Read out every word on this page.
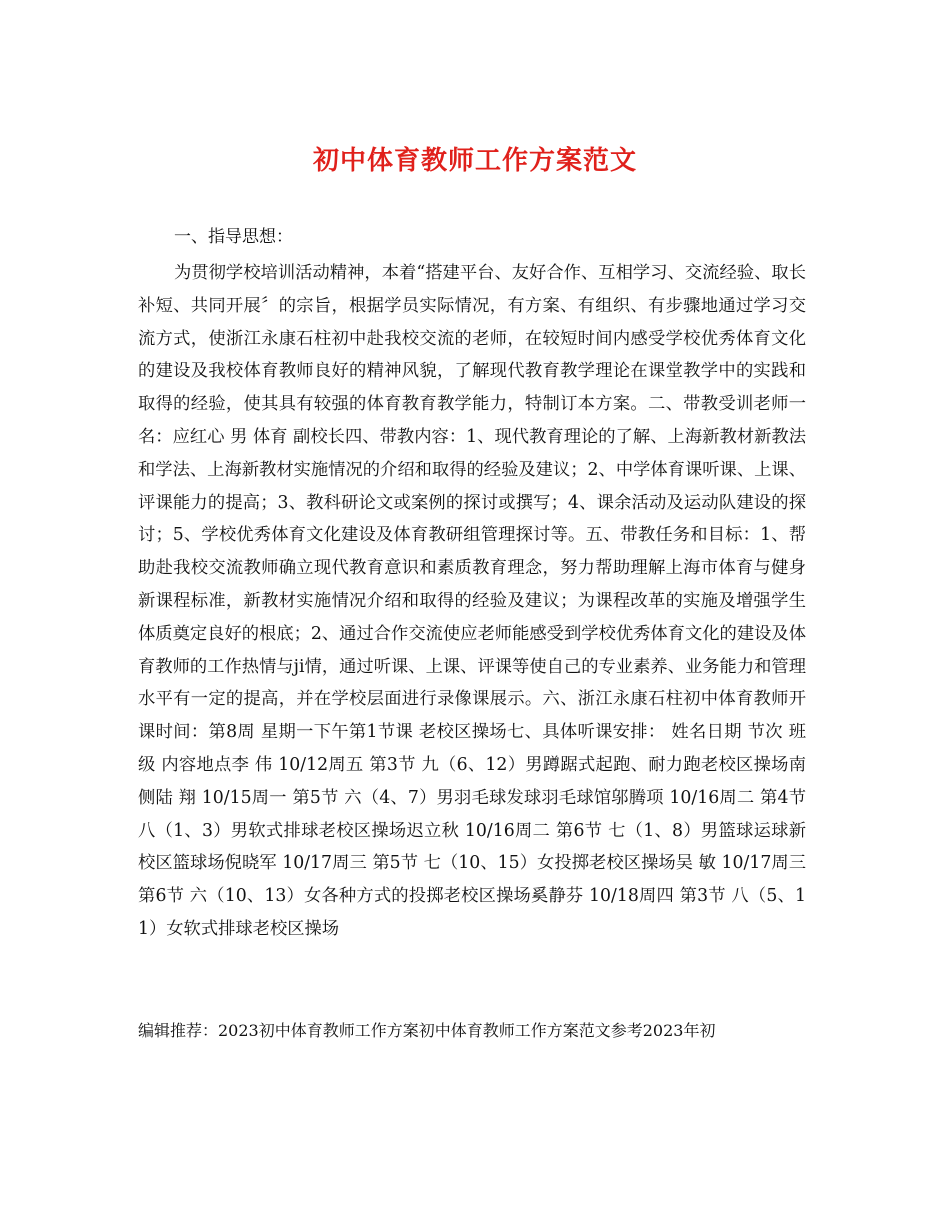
初中体育教师工作方案范文
一、指导思想：

为贯彻学校培训活动精神，本着“搭建平台、友好合作、互相学习、交流经验、取长补短、共同开展〞的宗旨，根据学员实际情况，有方案、有组织、有步骤地通过学习交流方式，使浙江永康石柱初中赴我校交流的老师，在较短时间内感受学校优秀体育文化的建设及我校体育教师良好的精神风貌，了解现代教育教学理论在课堂教学中的实践和取得的经验，使其具有较强的体育教育教学能力，特制订本方案。二、带教受训老师一名：应红心 男 体育 副校长四、带教内容：1、现代教育理论的了解、上海新教材新教法和学法、上海新教材实施情况的介绍和取得的经验及建议；2、中学体育课听课、上课、评课能力的提高；3、教科研论文或案例的探讨或撰写；4、课余活动及运动队建设的探讨；5、学校优秀体育文化建设及体育教研组管理探讨等。五、带教任务和目标：1、帮助赴我校交流教师确立现代教育意识和素质教育理念，努力帮助理解上海市体育与健身新课程标准，新教材实施情况介绍和取得的经验及建议；为课程改革的实施及增强学生体质奠定良好的根底；2、通过合作交流使应老师能感受到学校优秀体育文化的建设及体育教师的工作热情与ji情，通过听课、上课、评课等使自己的专业素养、业务能力和管理水平有一定的提高，并在学校层面进行录像课展示。六、浙江永康石柱初中体育教师开课时间：第8周 星期一下午第1节课 老校区操场七、具体听课安排： 姓名日期 节次 班级 内容地点李 伟 10/12周五 第3节 九（6、12）男蹲踞式起跑、耐力跑老校区操场南侧陆 翔 10/15周一 第5节 六（4、7）男羽毛球发球羽毛球馆邬腾项 10/16周二 第4节 八（1、3）男软式排球老校区操场迟立秋 10/16周二 第6节 七（1、8）男篮球运球新校区篮球场倪晓军 10/17周三 第5节 七（10、15）女投掷老校区操场吴 敏 10/17周三 第6节 六（10、13）女各种方式的投掷老校区操场奚静芬 10/18周四 第3节 八（5、11）女软式排球老校区操场

编辑推荐：2023初中体育教师工作方案初中体育教师工作方案范文参考2023年初
